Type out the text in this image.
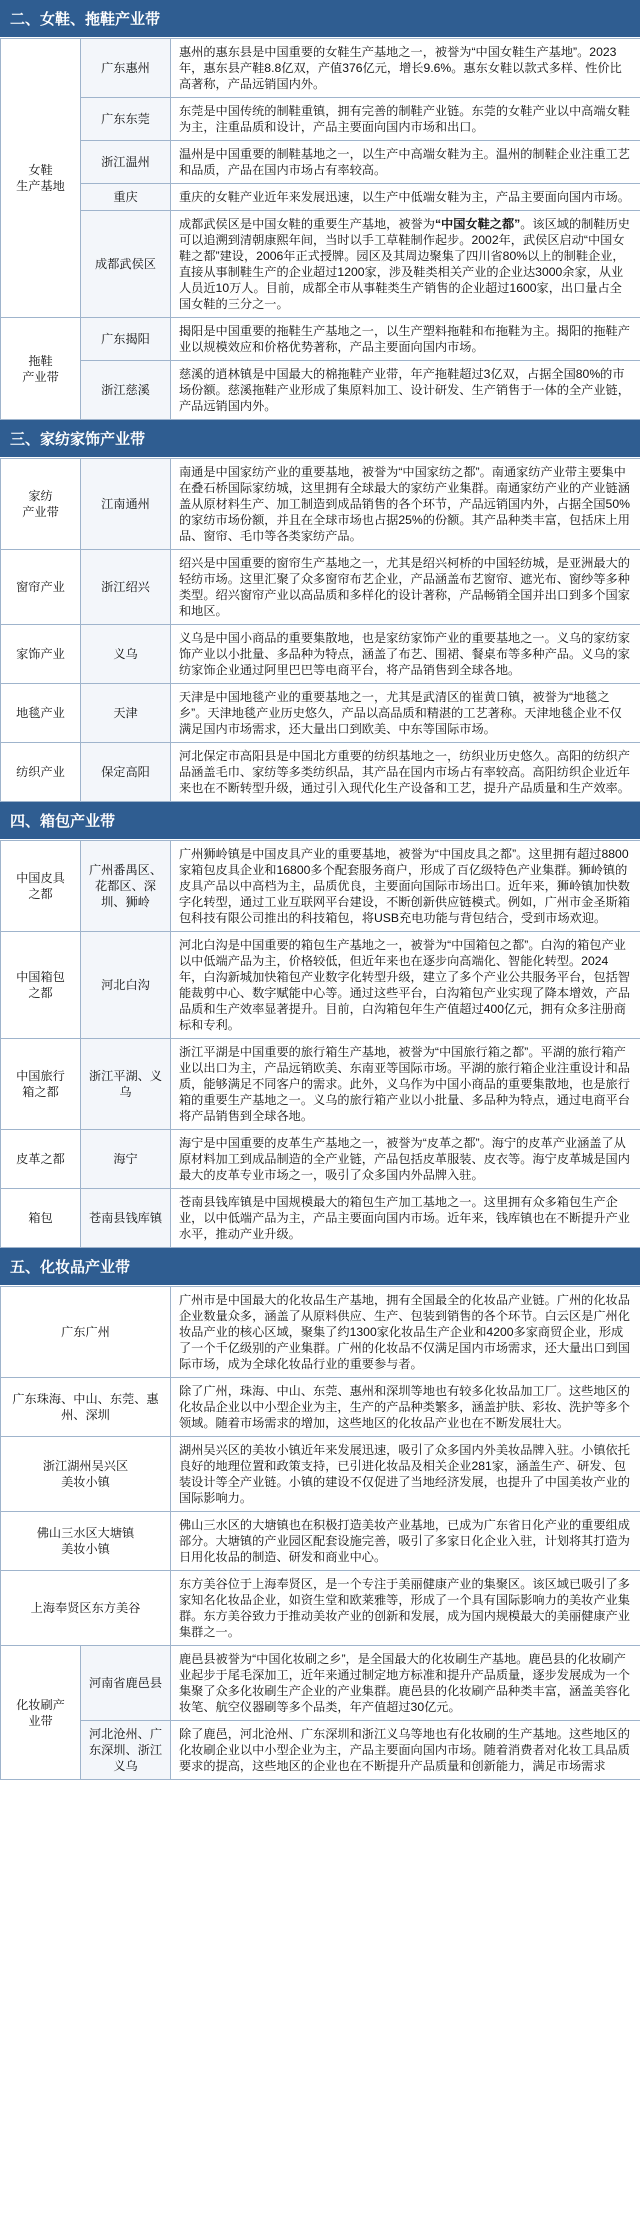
二、女鞋、拖鞋产业带
女鞋
生产基地	广东惠州	惠州的惠东县是中国重要的女鞋生产基地之一，被誉为“中国女鞋生产基地”。2023年，惠东县产鞋8.8亿双，产值376亿元，增长9.6%。惠东女鞋以款式多样、性价比高著称，产品远销国内外。
	广东东莞	东莞是中国传统的制鞋重镇，拥有完善的制鞋产业链。东莞的女鞋产业以中高端女鞋为主，注重品质和设计，产品主要面向国内市场和出口。
	浙江温州	温州是中国重要的制鞋基地之一，以生产中高端女鞋为主。温州的制鞋企业注重工艺和品质，产品在国内市场占有率较高。
	重庆	重庆的女鞋产业近年来发展迅速，以生产中低端女鞋为主，产品主要面向国内市场。
	成都武侯区	成都武侯区是中国女鞋的重要生产基地，被誉为“中国女鞋之都”。该区域的制鞋历史可以追溯到清朝康熙年间，当时以手工草鞋制作起步。2002年，武侯区启动“中国女鞋之都”建设，2006年正式授牌。园区及其周边聚集了四川省80%以上的制鞋企业，直接从事制鞋生产的企业超过1200家，涉及鞋类相关产业的企业达3000余家，从业人员近10万人。目前，成都全市从事鞋类生产销售的企业超过1600家，出口量占全国女鞋的三分之一。
拖鞋
产业带	广东揭阳	揭阳是中国重要的拖鞋生产基地之一，以生产塑料拖鞋和布拖鞋为主。揭阳的拖鞋产业以规模效应和价格优势著称，产品主要面向国内市场。
	浙江慈溪	慈溪的逍林镇是中国最大的棉拖鞋产业带，年产拖鞋超过3亿双，占据全国80%的市场份额。慈溪拖鞋产业形成了集原料加工、设计研发、生产销售于一体的全产业链，产品远销国内外。
三、家纺家饰产业带
家纺
产业带	江南通州	南通是中国家纺产业的重要基地，被誉为“中国家纺之都”。南通家纺产业带主要集中在叠石桥国际家纺城，这里拥有全球最大的家纺产业集群。南通家纺产业的产业链涵盖从原材料生产、加工制造到成品销售的各个环节，产品远销国内外，占据全国50%的家纺市场份额，并且在全球市场也占据25%的份额。其产品种类丰富，包括床上用品、窗帘、毛巾等各类家纺产品。
窗帘产业	浙江绍兴	绍兴是中国重要的窗帘生产基地之一，尤其是绍兴柯桥的中国轻纺城，是亚洲最大的轻纺市场。这里汇聚了众多窗帘布艺企业，产品涵盖布艺窗帘、遮光布、窗纱等多种类型。绍兴窗帘产业以高品质和多样化的设计著称，产品畅销全国并出口到多个国家和地区。
家饰产业	义乌	义乌是中国小商品的重要集散地，也是家纺家饰产业的重要基地之一。义乌的家纺家饰产业以小批量、多品种为特点，涵盖了布艺、围裙、餐桌布等多种产品。义乌的家纺家饰企业通过阿里巴巴等电商平台，将产品销售到全球各地。
地毯产业	天津	天津是中国地毯产业的重要基地之一，尤其是武清区的崔黄口镇，被誉为“地毯之乡”。天津地毯产业历史悠久，产品以高品质和精湛的工艺著称。天津地毯企业不仅满足国内市场需求，还大量出口到欧美、中东等国际市场。
纺织产业	保定高阳	河北保定市高阳县是中国北方重要的纺织基地之一，纺织业历史悠久。高阳的纺织产品涵盖毛巾、家纺等多类纺织品，其产品在国内市场占有率较高。高阳纺织企业近年来也在不断转型升级，通过引入现代化生产设备和工艺，提升产品质量和生产效率。
四、箱包产业带
中国皮具
之都	广州番禺区、花都区、深圳、狮岭	广州狮岭镇是中国皮具产业的重要基地，被誉为“中国皮具之都”。这里拥有超过8800家箱包皮具企业和16800多个配套服务商户，形成了百亿级特色产业集群。狮岭镇的皮具产品以中高档为主，品质优良，主要面向国际市场出口。近年来，狮岭镇加快数字化转型，通过工业互联网平台建设，不断创新供应链模式。例如，广州市金圣斯箱包科技有限公司推出的科技箱包，将USB充电功能与背包结合，受到市场欢迎。
中国箱包
之都	河北白沟	河北白沟是中国重要的箱包生产基地之一，被誉为“中国箱包之都”。白沟的箱包产业以中低端产品为主，价格较低，但近年来也在逐步向高端化、智能化转型。2024年，白沟新城加快箱包产业数字化转型升级，建立了多个产业公共服务平台，包括智能裁剪中心、数字赋能中心等。通过这些平台，白沟箱包产业实现了降本增效，产品品质和生产效率显著提升。目前，白沟箱包年生产值超过400亿元，拥有众多注册商标和专利。
中国旅行
箱之都	浙江平湖、义乌	浙江平湖是中国重要的旅行箱生产基地，被誉为“中国旅行箱之都”。平湖的旅行箱产业以出口为主，产品远销欧美、东南亚等国际市场。平湖的旅行箱企业注重设计和品质，能够满足不同客户的需求。此外，义乌作为中国小商品的重要集散地，也是旅行箱的重要生产基地之一。义乌的旅行箱产业以小批量、多品种为特点，通过电商平台将产品销售到全球各地。
皮革之都	海宁	海宁是中国重要的皮革生产基地之一，被誉为“皮革之都”。海宁的皮革产业涵盖了从原材料加工到成品制造的全产业链，产品包括皮革服装、皮衣等。海宁皮革城是国内最大的皮革专业市场之一，吸引了众多国内外品牌入驻。
箱包	苍南县钱库镇	苍南县钱库镇是中国规模最大的箱包生产加工基地之一。这里拥有众多箱包生产企业，以中低端产品为主，产品主要面向国内市场。近年来，钱库镇也在不断提升产业水平，推动产业升级。
五、化妆品产业带
广东广州		广州市是中国最大的化妆品生产基地，拥有全国最全的化妆品产业链。广州的化妆品企业数量众多，涵盖了从原料供应、生产、包装到销售的各个环节。白云区是广州化妆品产业的核心区域，聚集了约1300家化妆品生产企业和4200多家商贸企业，形成了一个千亿级别的产业集群。广州的化妆品不仅满足国内市场需求，还大量出口到国际市场，成为全球化妆品行业的重要参与者。
广东珠海、中山、东莞、惠州、深圳		除了广州，珠海、中山、东莞、惠州和深圳等地也有较多化妆品加工厂。这些地区的化妆品企业以中小型企业为主，生产的产品种类繁多，涵盖护肤、彩妆、洗护等多个领域。随着市场需求的增加，这些地区的化妆品产业也在不断发展壮大。
浙江湖州吴兴区
美妆小镇		湖州吴兴区的美妆小镇近年来发展迅速，吸引了众多国内外美妆品牌入驻。小镇依托良好的地理位置和政策支持，已引进化妆品及相关企业281家，涵盖生产、研发、包装设计等全产业链。小镇的建设不仅促进了当地经济发展，也提升了中国美妆产业的国际影响力。
佛山三水区大塘镇
美妆小镇		佛山三水区的大塘镇也在积极打造美妆产业基地，已成为广东省日化产业的重要组成部分。大塘镇的产业园区配套设施完善，吸引了多家日化企业入驻，计划将其打造为日用化妆品的制造、研发和商业中心。
上海奉贤区东方美谷		东方美谷位于上海奉贤区，是一个专注于美丽健康产业的集聚区。该区域已吸引了多家知名化妆品企业，如资生堂和欧莱雅等，形成了一个具有国际影响力的美妆产业集群。东方美谷致力于推动美妆产业的创新和发展，成为国内规模最大的美丽健康产业集群之一。
化妆刷产
业带	河南省鹿邑县	鹿邑县被誉为“中国化妆刷之乡”，是全国最大的化妆刷生产基地。鹿邑县的化妆刷产业起步于尾毛深加工，近年来通过制定地方标准和提升产品质量，逐步发展成为一个集聚了众多化妆刷生产企业的产业集群。鹿邑县的化妆刷产品种类丰富，涵盖美容化妆笔、航空仪器刷等多个品类，年产值超过30亿元。
	河北沧州、广东深圳、浙江义乌	除了鹿邑，河北沧州、广东深圳和浙江义乌等地也有化妆刷的生产基地。这些地区的化妆刷企业以中小型企业为主，产品主要面向国内市场。随着消费者对化妆工具品质要求的提高，这些地区的企业也在不断提升产品质量和创新能力，满足市场需求
